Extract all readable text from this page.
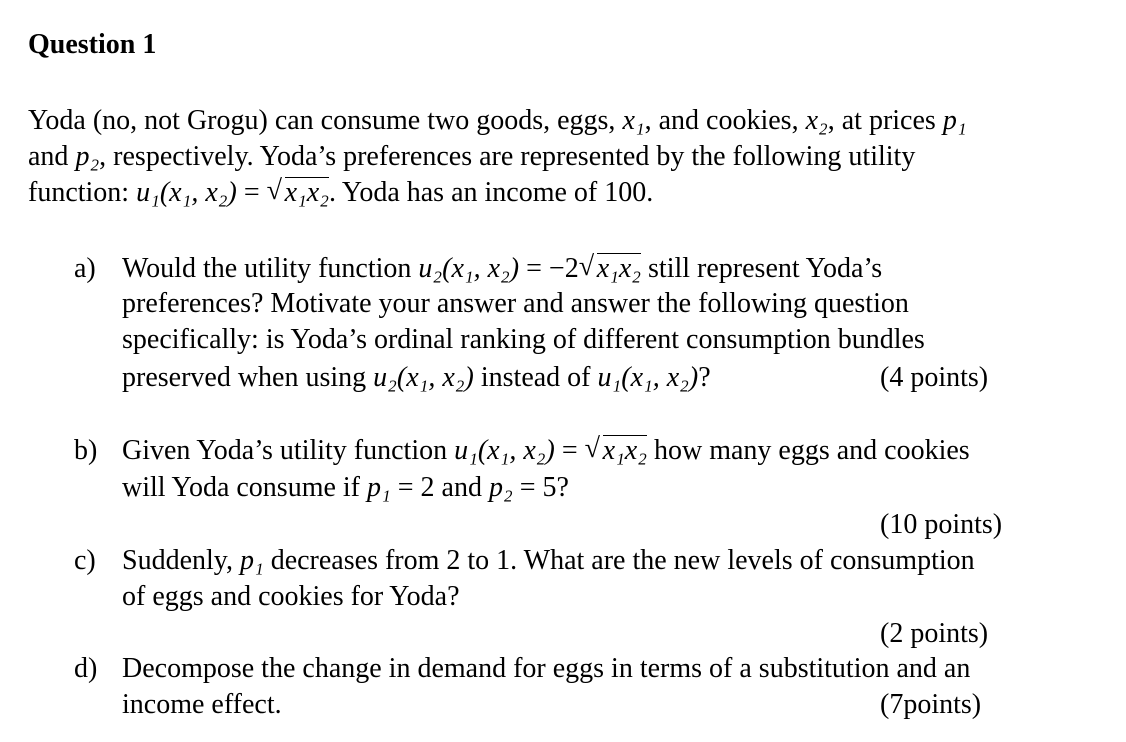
Question 1
Yoda (no, not Grogu) can consume two goods, eggs, x₁, and cookies, x₂, at prices p₁
and p₂, respectively. Yoda’s preferences are represented by the following utility
function: u₁(x₁, x₂) = √ x₁x₂. Yoda has an income of 100.
a) Would the utility function u₂(x₁, x₂) = −2 √ x₁x₂ still represent Yoda’s
preferences? Motivate your answer and answer the following question
specifically: is Yoda’s ordinal ranking of different consumption bundles
preserved when using u₂(x₁, x₂) instead of u₁(x₁, x₂)?	(4 points)
b) Given Yoda’s utility function u₁(x₁, x₂) = √ x₁x₂ how many eggs and cookies
will Yoda consume if p₁ = 2 and p₂ = 5?
(10 points)
c) Suddenly, p₁ decreases from 2 to 1. What are the new levels of consumption
of eggs and cookies for Yoda?
(2 points)
d) Decompose the change in demand for eggs in terms of a substitution and an
income effect.	(7points)
